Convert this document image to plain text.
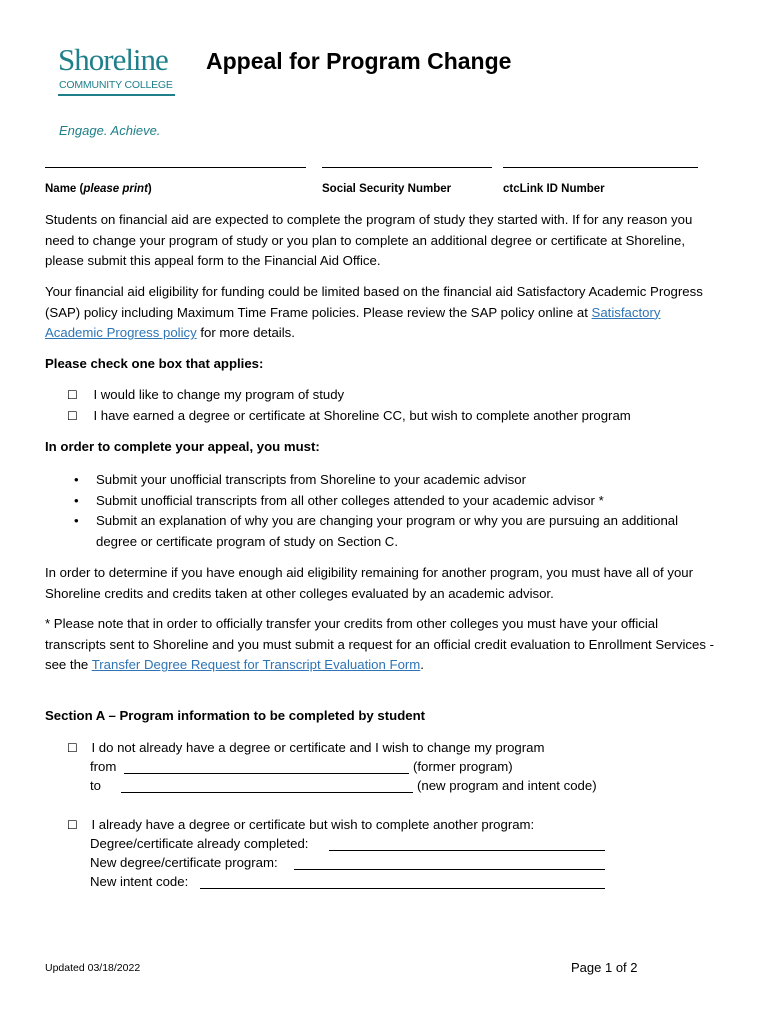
Shoreline
COMMUNITY COLLEGE
Engage. Achieve.
Appeal for Program Change
Name (please print)	Social Security Number	ctcLink ID Number

Students on financial aid are expected to complete the program of study they started with. If for any reason you need to change your program of study or you plan to complete an additional degree or certificate at Shoreline, please submit this appeal form to the Financial Aid Office.

Your financial aid eligibility for funding could be limited based on the financial aid Satisfactory Academic Progress (SAP) policy including Maximum Time Frame policies. Please review the SAP policy online at Satisfactory Academic Progress policy for more details.

Please check one box that applies:
☐ I would like to change my program of study
☐ I have earned a degree or certificate at Shoreline CC, but wish to complete another program
In order to complete your appeal, you must:
• Submit your unofficial transcripts from Shoreline to your academic advisor
• Submit unofficial transcripts from all other colleges attended to your academic advisor *
• Submit an explanation of why you are changing your program or why you are pursuing an additional degree or certificate program of study on Section C.

In order to determine if you have enough aid eligibility remaining for another program, you must have all of your Shoreline credits and credits taken at other colleges evaluated by an academic advisor.

* Please note that in order to officially transfer your credits from other colleges you must have your official transcripts sent to Shoreline and you must submit a request for an official credit evaluation to Enrollment Services - see the Transfer Degree Request for Transcript Evaluation Form.

Section A – Program information to be completed by student
☐ I do not already have a degree or certificate and I wish to change my program
from	(former program)
to	(new program and intent code)
☐ I already have a degree or certificate but wish to complete another program:
Degree/certificate already completed:
New degree/certificate program:
New intent code:
Updated 03/18/2022	Page 1 of 2
